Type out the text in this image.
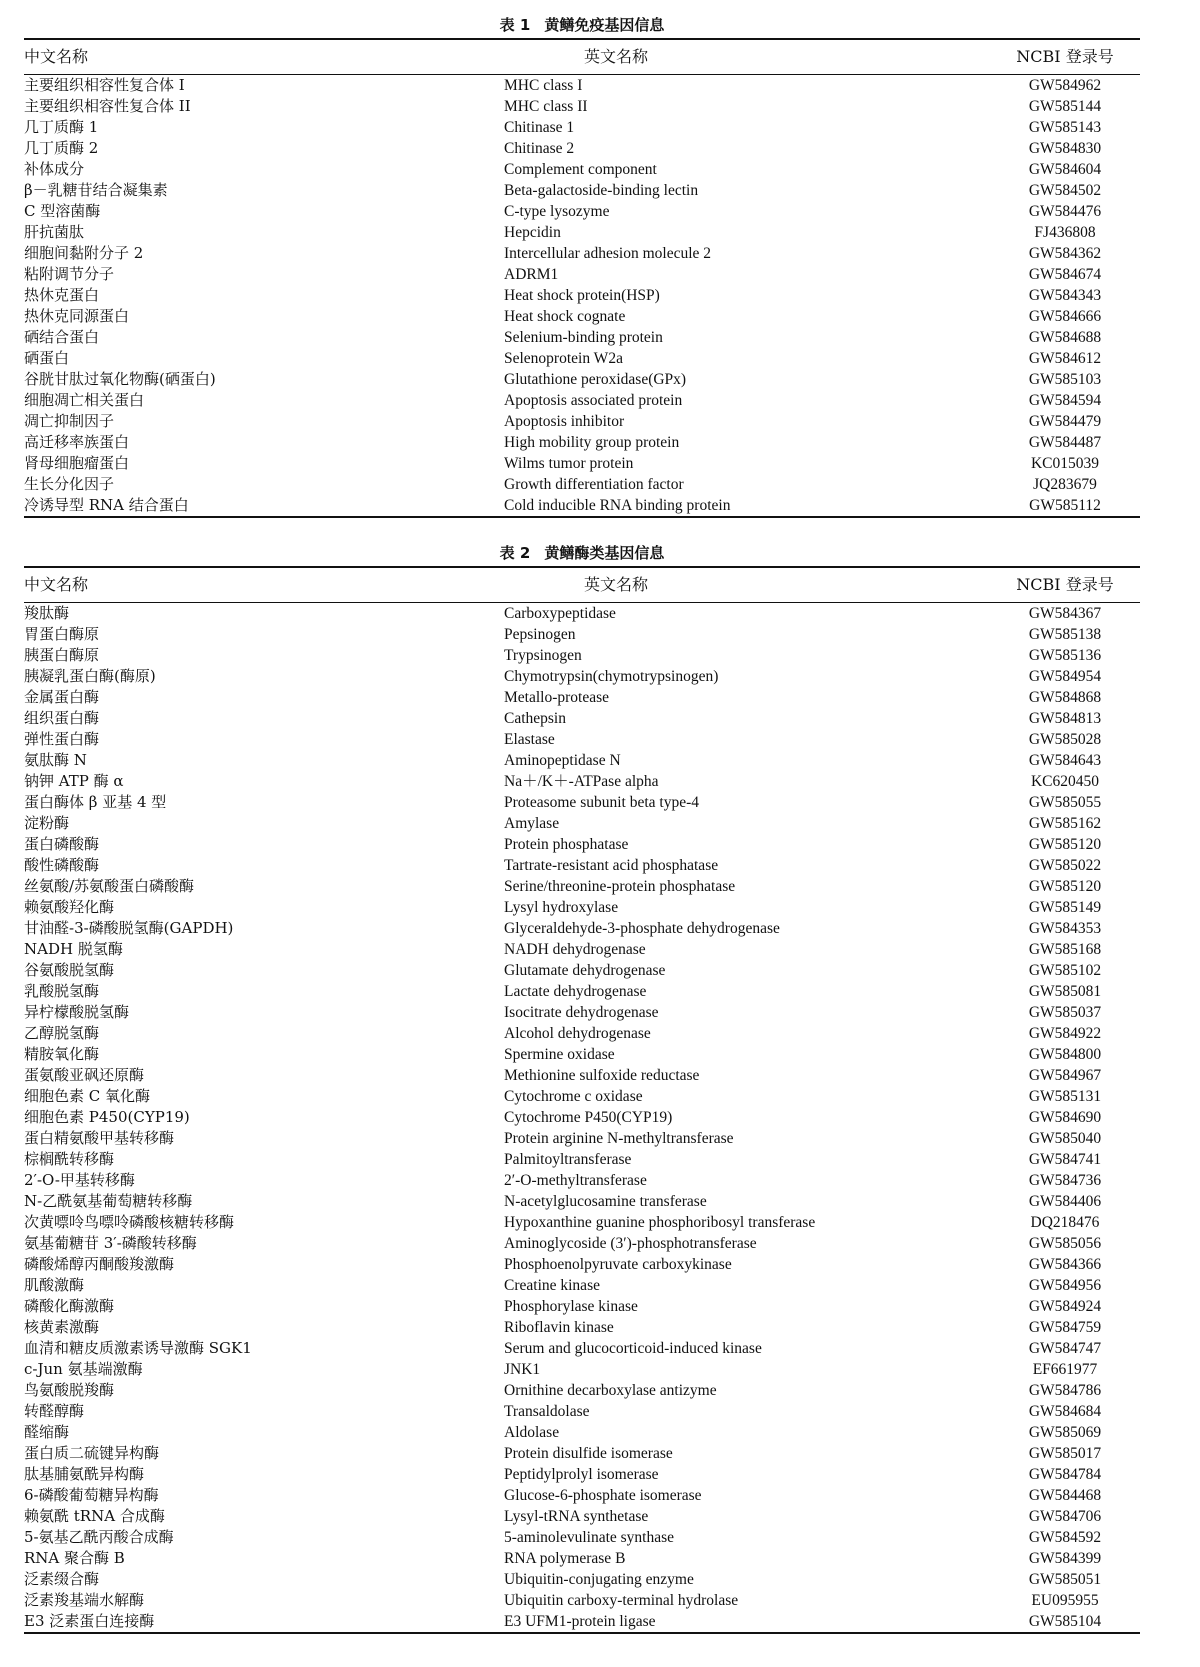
表 1 黄鳝免疫基因信息
中文名称	英文名称	NCBI 登录号
主要组织相容性复合体 I	MHC class I	GW584962
主要组织相容性复合体 II	MHC class II	GW585144
几丁质酶 1	Chitinase 1	GW585143
几丁质酶 2	Chitinase 2	GW584830
补体成分	Complement component	GW584604
β－乳糖苷结合凝集素	Beta-galactoside-binding lectin	GW584502
C 型溶菌酶	C-type lysozyme	GW584476
肝抗菌肽	Hepcidin	FJ436808
细胞间黏附分子 2	Intercellular adhesion molecule 2	GW584362
粘附调节分子	ADRM1	GW584674
热休克蛋白	Heat shock protein(HSP)	GW584343
热休克同源蛋白	Heat shock cognate	GW584666
硒结合蛋白	Selenium-binding protein	GW584688
硒蛋白	Selenoprotein W2a	GW584612
谷胱甘肽过氧化物酶(硒蛋白)	Glutathione peroxidase(GPx)	GW585103
细胞凋亡相关蛋白	Apoptosis associated protein	GW584594
凋亡抑制因子	Apoptosis inhibitor	GW584479
高迁移率族蛋白	High mobility group protein	GW584487
肾母细胞瘤蛋白	Wilms tumor protein	KC015039
生长分化因子	Growth differentiation factor	JQ283679
冷诱导型 RNA 结合蛋白	Cold inducible RNA binding protein	GW585112
表 2 黄鳝酶类基因信息
中文名称	英文名称	NCBI 登录号
羧肽酶	Carboxypeptidase	GW584367
胃蛋白酶原	Pepsinogen	GW585138
胰蛋白酶原	Trypsinogen	GW585136
胰凝乳蛋白酶(酶原)	Chymotrypsin(chymotrypsinogen)	GW584954
金属蛋白酶	Metallo-protease	GW584868
组织蛋白酶	Cathepsin	GW584813
弹性蛋白酶	Elastase	GW585028
氨肽酶 N	Aminopeptidase N	GW584643
钠钾 ATP 酶 α	Na＋/K＋-ATPase alpha	KC620450
蛋白酶体 β 亚基 4 型	Proteasome subunit beta type-4	GW585055
淀粉酶	Amylase	GW585162
蛋白磷酸酶	Protein phosphatase	GW585120
酸性磷酸酶	Tartrate-resistant acid phosphatase	GW585022
丝氨酸/苏氨酸蛋白磷酸酶	Serine/threonine-protein phosphatase	GW585120
赖氨酸羟化酶	Lysyl hydroxylase	GW585149
甘油醛-3-磷酸脱氢酶(GAPDH)	Glyceraldehyde-3-phosphate dehydrogenase	GW584353
NADH 脱氢酶	NADH dehydrogenase	GW585168
谷氨酸脱氢酶	Glutamate dehydrogenase	GW585102
乳酸脱氢酶	Lactate dehydrogenase	GW585081
异柠檬酸脱氢酶	Isocitrate dehydrogenase	GW585037
乙醇脱氢酶	Alcohol dehydrogenase	GW584922
精胺氧化酶	Spermine oxidase	GW584800
蛋氨酸亚砜还原酶	Methionine sulfoxide reductase	GW584967
细胞色素 C 氧化酶	Cytochrome c oxidase	GW585131
细胞色素 P450(CYP19)	Cytochrome P450(CYP19)	GW584690
蛋白精氨酸甲基转移酶	Protein arginine N-methyltransferase	GW585040
棕榈酰转移酶	Palmitoyltransferase	GW584741
2′-O-甲基转移酶	2′-O-methyltransferase	GW584736
N-乙酰氨基葡萄糖转移酶	N-acetylglucosamine transferase	GW584406
次黄嘌呤鸟嘌呤磷酸核糖转移酶	Hypoxanthine guanine phosphoribosyl transferase	DQ218476
氨基葡糖苷 3′-磷酸转移酶	Aminoglycoside (3′)-phosphotransferase	GW585056
磷酸烯醇丙酮酸羧激酶	Phosphoenolpyruvate carboxykinase	GW584366
肌酸激酶	Creatine kinase	GW584956
磷酸化酶激酶	Phosphorylase kinase	GW584924
核黄素激酶	Riboflavin kinase	GW584759
血清和糖皮质激素诱导激酶 SGK1	Serum and glucocorticoid-induced kinase	GW584747
c-Jun 氨基端激酶	JNK1	EF661977
鸟氨酸脱羧酶	Ornithine decarboxylase antizyme	GW584786
转醛醇酶	Transaldolase	GW584684
醛缩酶	Aldolase	GW585069
蛋白质二硫键异构酶	Protein disulfide isomerase	GW585017
肽基脯氨酰异构酶	Peptidylprolyl isomerase	GW584784
6-磷酸葡萄糖异构酶	Glucose-6-phosphate isomerase	GW584468
赖氨酰 tRNA 合成酶	Lysyl-tRNA synthetase	GW584706
5-氨基乙酰丙酸合成酶	5-aminolevulinate synthase	GW584592
RNA 聚合酶 B	RNA polymerase B	GW584399
泛素缀合酶	Ubiquitin-conjugating enzyme	GW585051
泛素羧基端水解酶	Ubiquitin carboxy-terminal hydrolase	EU095955
E3 泛素蛋白连接酶	E3 UFM1-protein ligase	GW585104
